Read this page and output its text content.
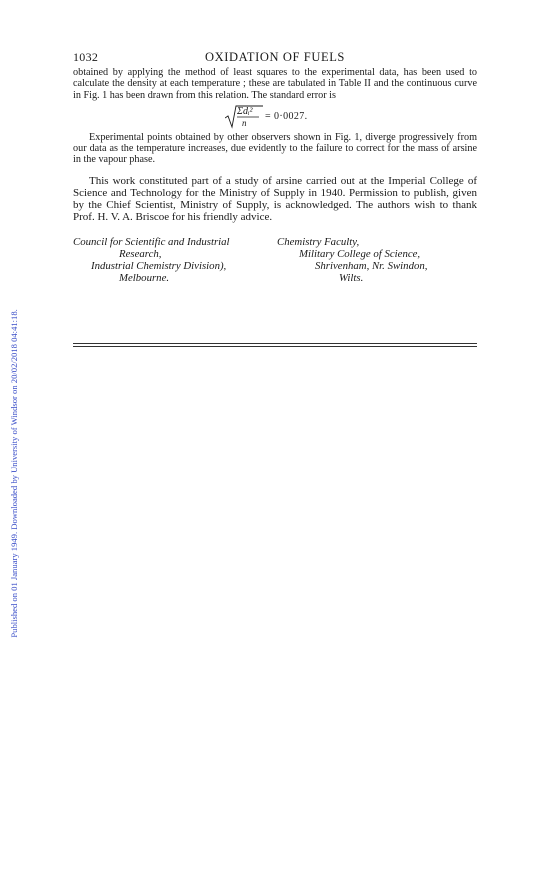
Published on 01 January 1949. Downloaded by University of Windsor on 20/02/2018 04:41:18.
1032	OXIDATION OF FUELS

obtained by applying the method of least squares to the experimental data, has been used to calculate the density at each temperature ; these are tabulated in Table II and the continuous curve in Fig. 1 has been drawn from this relation. The standard error is

Σdᵢ²
n
= 0·0027.

Experimental points obtained by other observers shown in Fig. 1, diverge progressively from our data as the temperature increases, due evidently to the failure to correct for the mass of arsine in the vapour phase.

This work constituted part of a study of arsine carried out at the Imperial College of Science and Technology for the Ministry of Supply in 1940. Permission to publish, given by the Chief Scientist, Ministry of Supply, is acknowledged. The authors wish to thank Prof. H. V. A. Briscoe for his friendly advice.

Council for Scientific and Industrial
Research,
Industrial Chemistry Division),
Melbourne.
Chemistry Faculty,
Military College of Science,
Shrivenham, Nr. Swindon,
Wilts.
